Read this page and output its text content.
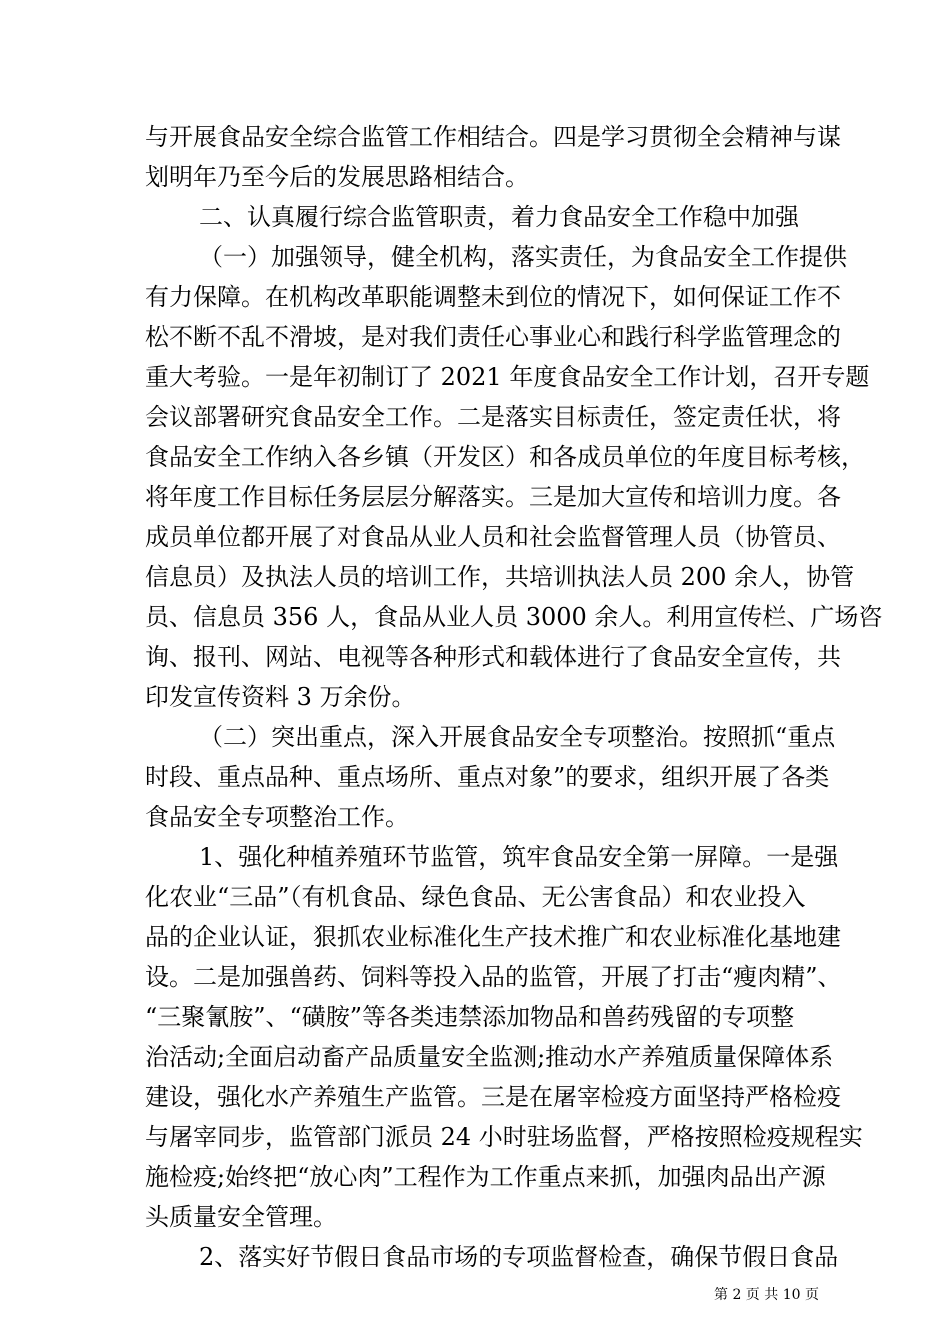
与开展食品安全综合监管工作相结合。四是学习贯彻全会精神与谋
划明年乃至今后的发展思路相结合。
二、认真履行综合监管职责，着力食品安全工作稳中加强
（一）加强领导，健全机构，落实责任，为食品安全工作提供
有力保障。在机构改革职能调整未到位的情况下，如何保证工作不
松不断不乱不滑坡，是对我们责任心事业心和践行科学监管理念的
重大考验。一是年初制订了 2021 年度食品安全工作计划，召开专题
会议部署研究食品安全工作。二是落实目标责任，签定责任状，将
食品安全工作纳入各乡镇（开发区）和各成员单位的年度目标考核，
将年度工作目标任务层层分解落实。三是加大宣传和培训力度。各
成员单位都开展了对食品从业人员和社会监督管理人员（协管员、
信息员）及执法人员的培训工作，共培训执法人员 200 余人，协管
员、信息员 356 人，食品从业人员 3000 余人。利用宣传栏、广场咨
询、报刊、网站、电视等各种形式和载体进行了食品安全宣传，共
印发宣传资料 3 万余份。
（二）突出重点，深入开展食品安全专项整治。按照抓“重点
时段、重点品种、重点场所、重点对象”的要求，组织开展了各类
食品安全专项整治工作。
1、强化种植养殖环节监管，筑牢食品安全第一屏障。一是强
化农业“三品”（有机食品、绿色食品、无公害食品）和农业投入
品的企业认证，狠抓农业标准化生产技术推广和农业标准化基地建
设。二是加强兽药、饲料等投入品的监管，开展了打击“瘦肉精”、
“三聚氰胺”、“磺胺”等各类违禁添加物品和兽药残留的专项整
治活动;全面启动畜产品质量安全监测;推动水产养殖质量保障体系
建设，强化水产养殖生产监管。三是在屠宰检疫方面坚持严格检疫
与屠宰同步，监管部门派员 24 小时驻场监督，严格按照检疫规程实
施检疫;始终把“放心肉”工程作为工作重点来抓，加强肉品出产源
头质量安全管理。
2、落实好节假日食品市场的专项监督检查，确保节假日食品
第 2 页 共 10 页
